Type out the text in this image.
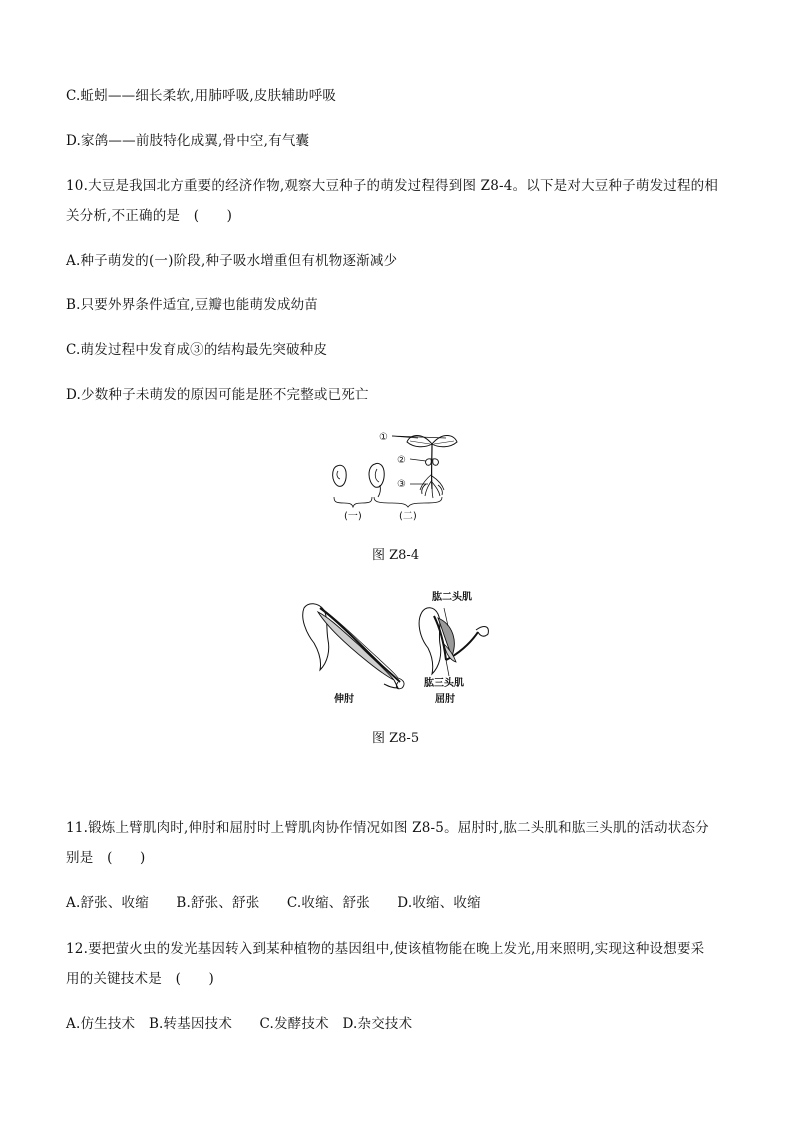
C.蚯蚓——细长柔软,用肺呼吸,皮肤辅助呼吸
D.家鸽——前肢特化成翼,骨中空,有气囊
10.大豆是我国北方重要的经济作物,观察大豆种子的萌发过程得到图 Z8-4。以下是对大豆种子萌发过程的相
关分析,不正确的是　(　　)
A.种子萌发的(一)阶段,种子吸水增重但有机物逐渐减少
B.只要外界条件适宜,豆瓣也能萌发成幼苗
C.萌发过程中发育成③的结构最先突破种皮
D.少数种子未萌发的原因可能是胚不完整或已死亡
①
②
③
(一)	(二)
图 Z8-4
伸肘
肱二头肌
肱三头肌
屈肘
图 Z8-5
11.锻炼上臂肌肉时,伸肘和屈肘时上臂肌肉协作情况如图 Z8-5。屈肘时,肱二头肌和肱三头肌的活动状态分
别是　(　　)
A.舒张、收缩　　B.舒张、舒张　　C.收缩、舒张　　D.收缩、收缩
12.要把萤火虫的发光基因转入到某种植物的基因组中,使该植物能在晚上发光,用来照明,实现这种设想要采
用的关键技术是　(　　)
A.仿生技术　B.转基因技术　　C.发酵技术　D.杂交技术
